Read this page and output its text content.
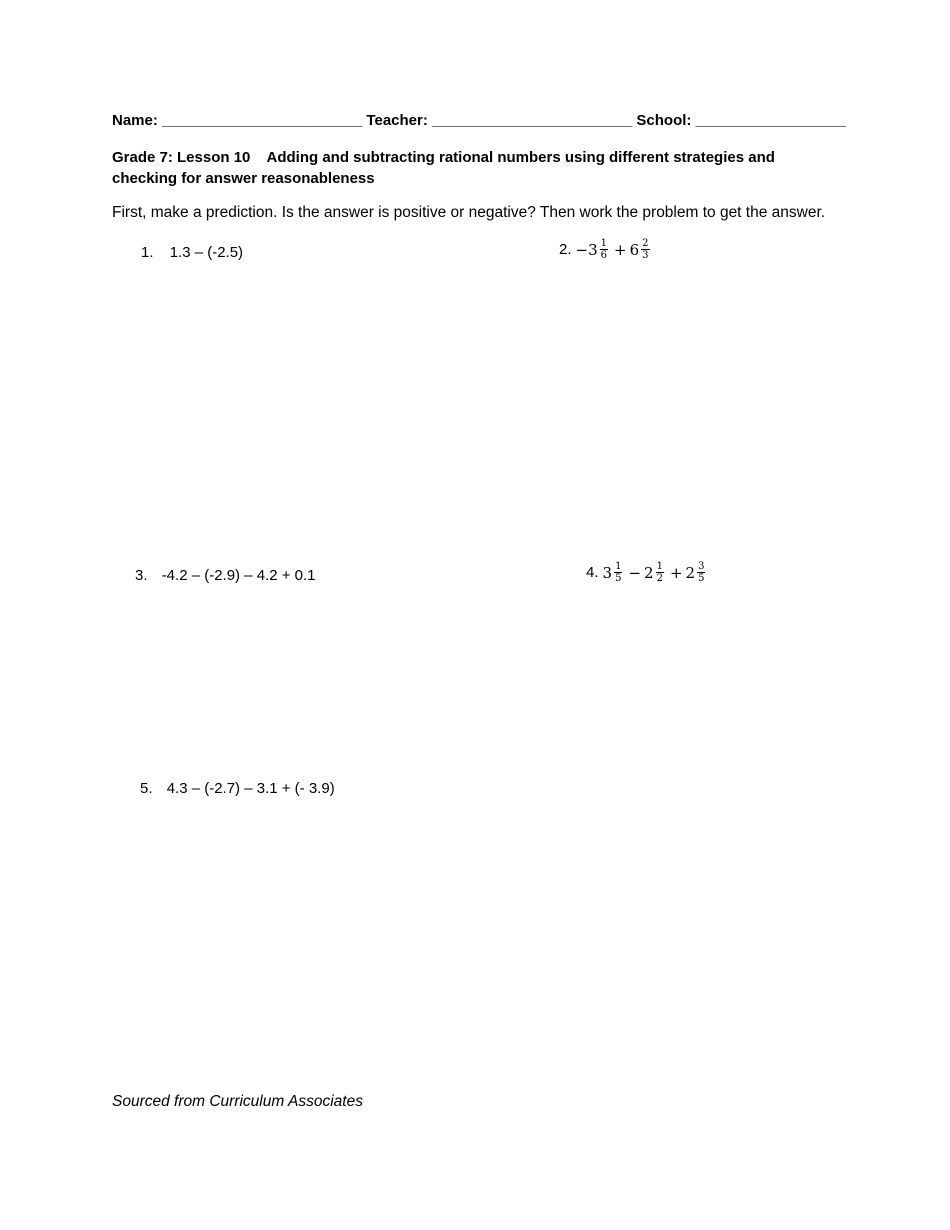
Name: ________________________ Teacher: ________________________ School: __________________
Grade 7: Lesson 10    Adding and subtracting rational numbers using different strategies and checking for answer reasonableness
First, make a prediction. Is the answer is positive or negative? Then work the problem to get the answer.
1. 1.3 – (-2.5)	2. − $3 \frac{1}{6} + 6 \frac{2}{3}$
3. -4.2 – (-2.9) – 4.2 + 0.1	4. $3 \frac{1}{5} - 2 \frac{1}{2} + 2 \frac{3}{5}$
5. 4.3 – (-2.7) – 3.1 + (- 3.9)
Sourced from Curriculum Associates
